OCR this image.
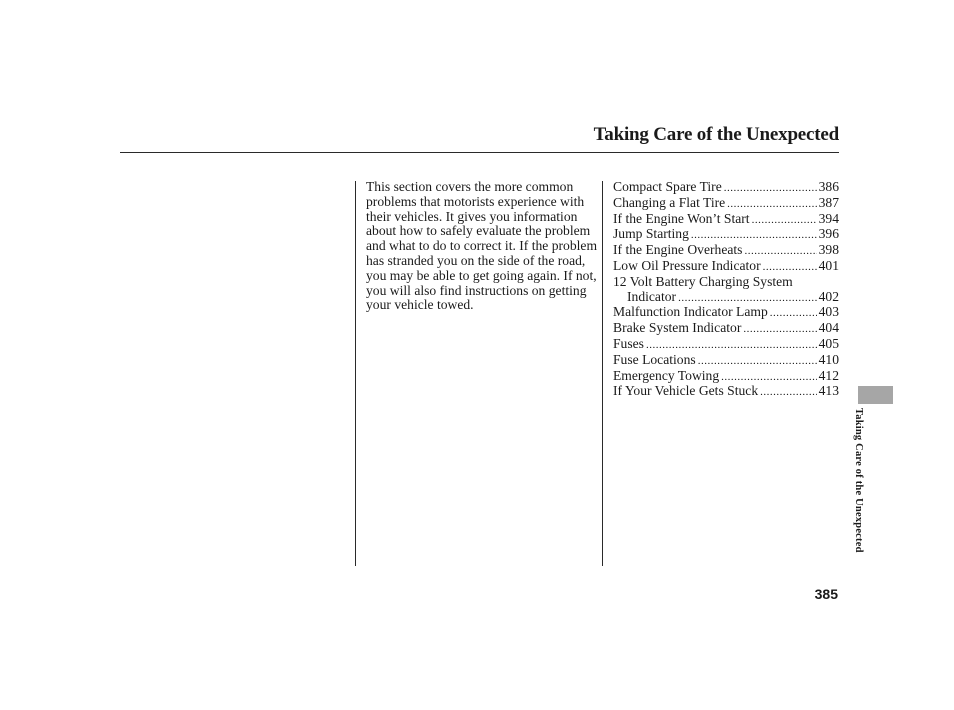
Taking Care of the Unexpected

This section covers the more common problems that motorists experience with their vehicles. It gives you information about how to safely evaluate the problem and what to do to correct it. If the problem has stranded you on the side of the road, you may be able to get going again. If not, you will also find instructions on getting your vehicle towed.

Compact Spare Tire .....	386
Changing a Flat Tire .....	387
If the Engine Won’t Start .....	394
Jump Starting .....	396
If the Engine Overheats .....	398
Low Oil Pressure Indicator .....	401
12 Volt Battery Charging System
Indicator .....	402
Malfunction Indicator Lamp .....	403
Brake System Indicator .....	404
Fuses .....	405
Fuse Locations .....	410
Emergency Towing .....	412
If Your Vehicle Gets Stuck .....	413
Taking Care of the Unexpected
385
